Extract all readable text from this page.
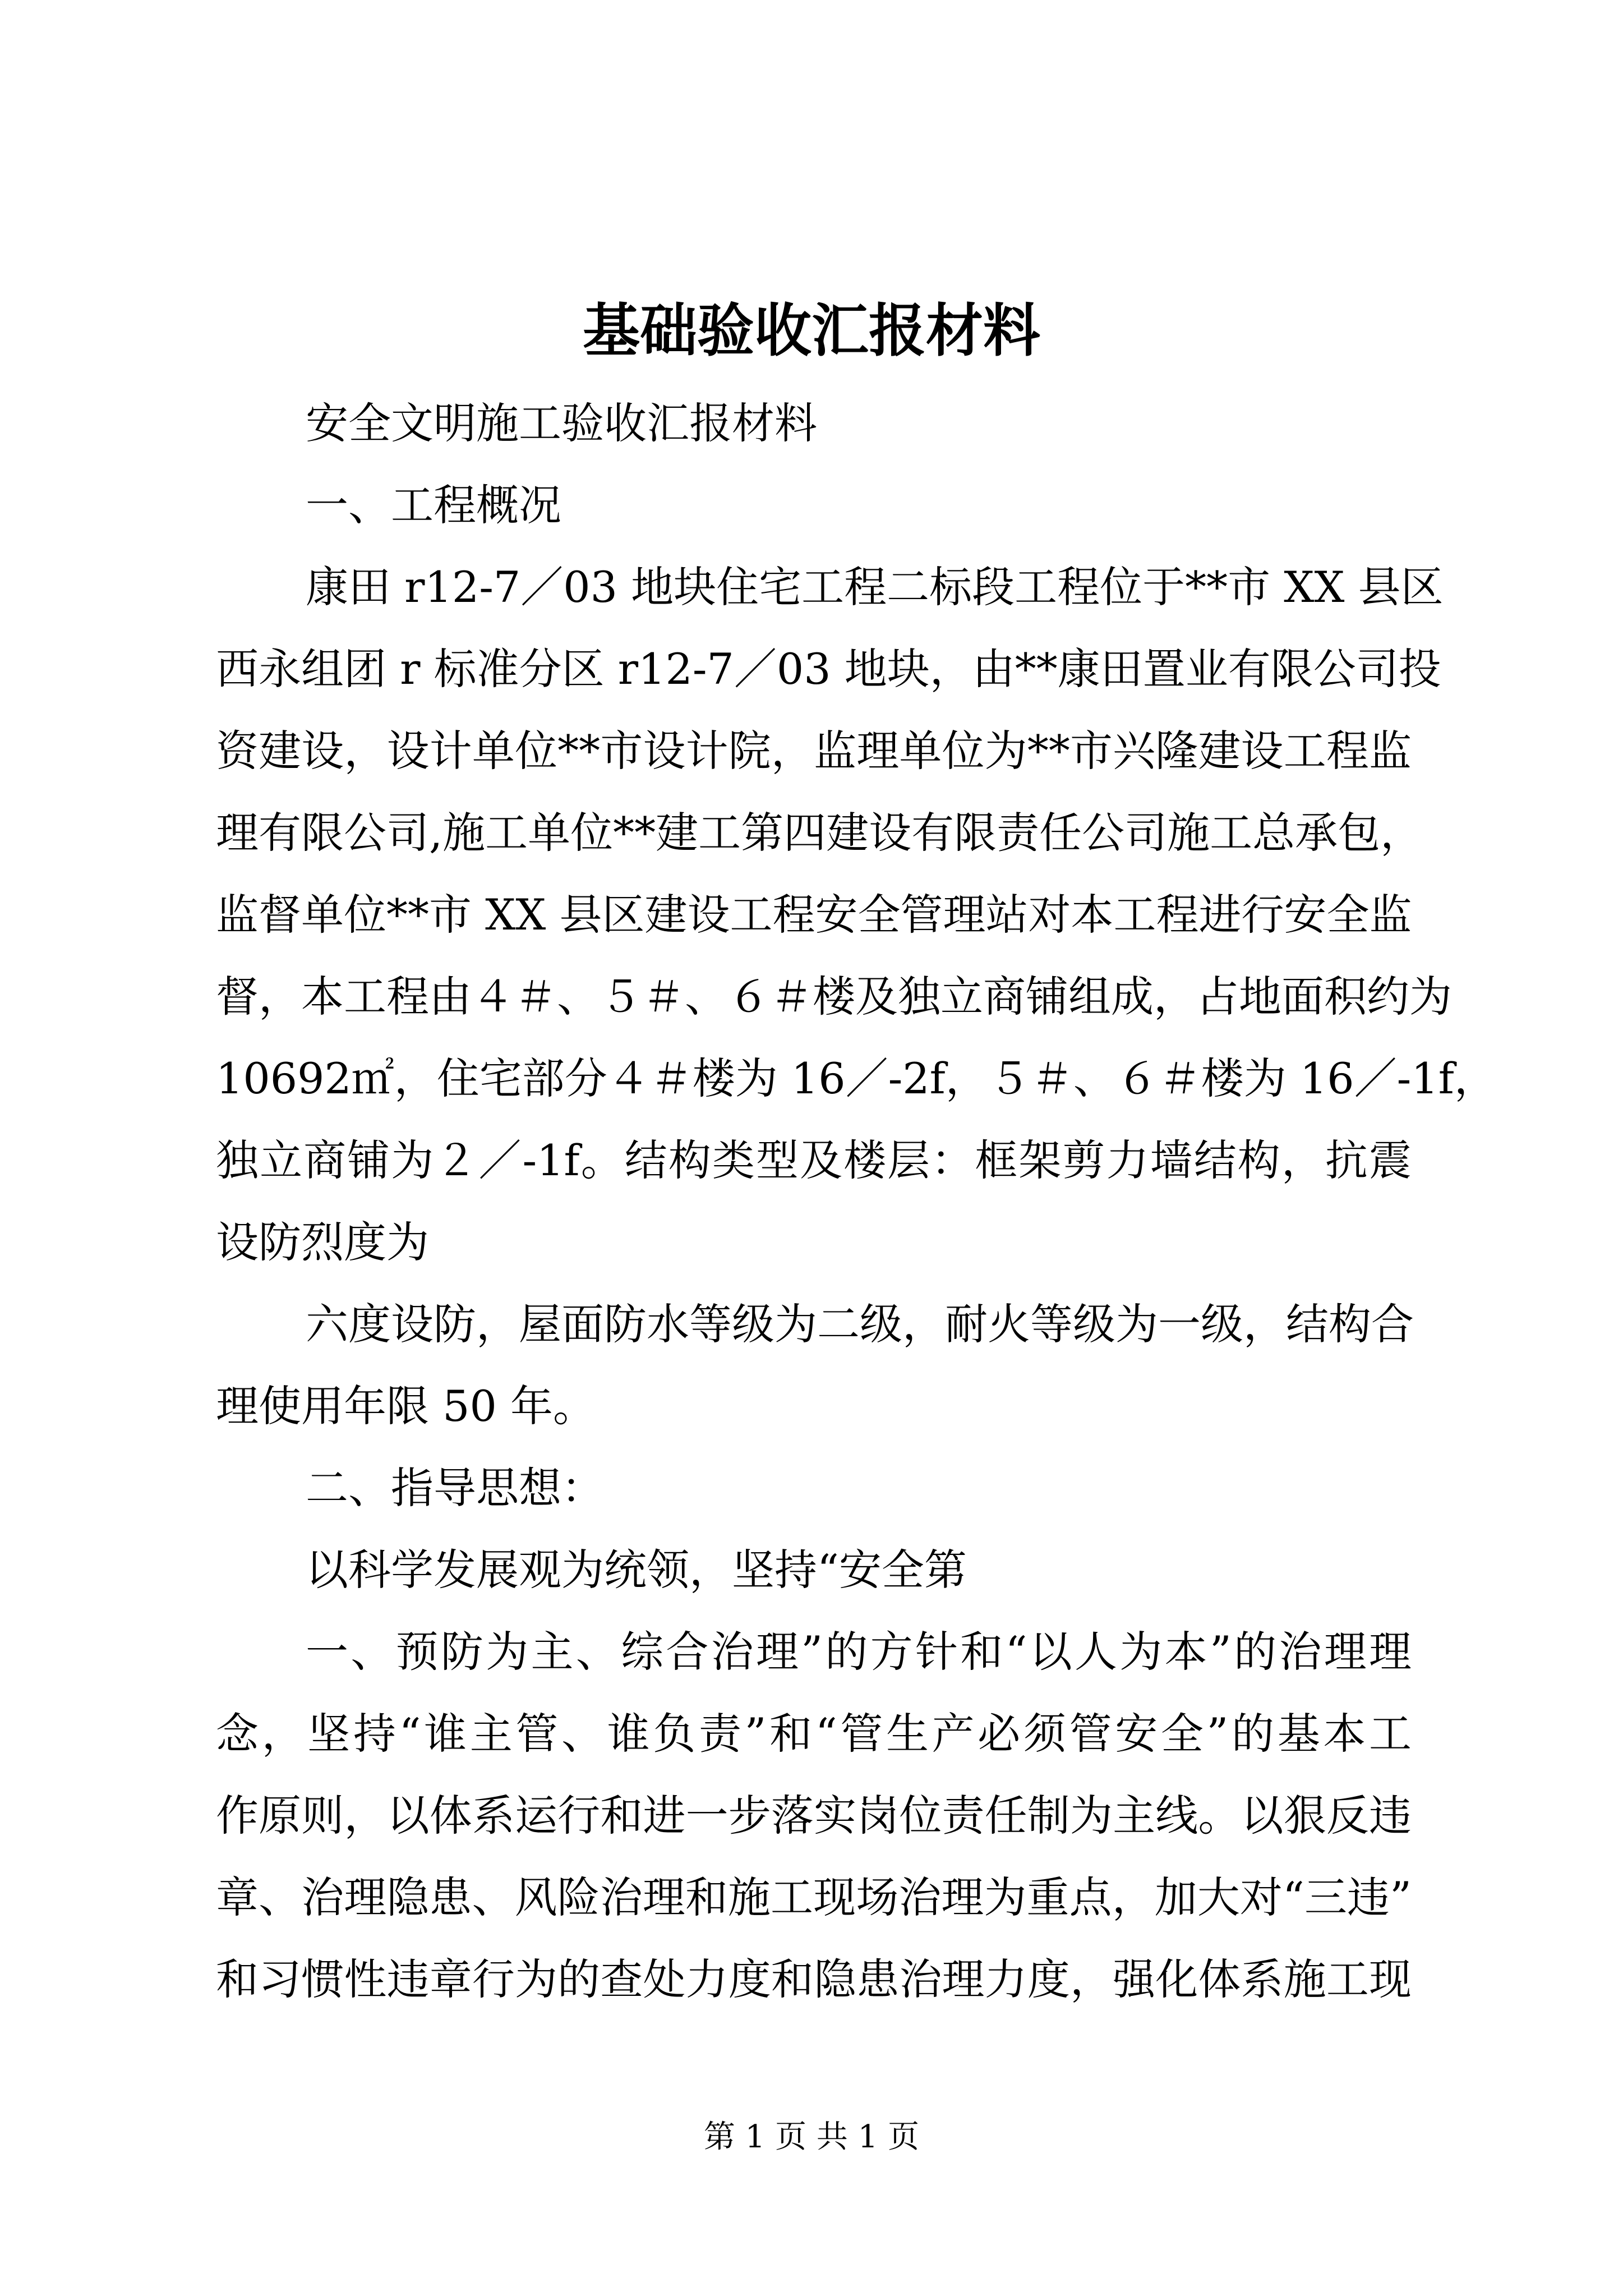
基础验收汇报材料

安全文明施工验收汇报材料

一、工程概况

康田 r12-7／03 地块住宅工程二标段工程位于**市 XX 县区

西永组团 r 标准分区 r12-7／03 地块，由**康田置业有限公司投

资建设，设计单位**市设计院，监理单位为**市兴隆建设工程监

理有限公司,施工单位**建工第四建设有限责任公司施工总承包，

监督单位**市 XX 县区建设工程安全管理站对本工程进行安全监

督，本工程由４＃、５＃、６＃楼及独立商铺组成，占地面积约为

10692㎡，住宅部分４＃楼为 16／-2f，５＃、６＃楼为 16／-1f，

独立商铺为２／-1f。结构类型及楼层：框架剪力墙结构，抗震

设防烈度为

六度设防，屋面防水等级为二级，耐火等级为一级，结构合

理使用年限 50 年。

二、指导思想：

以科学发展观为统领，坚持“安全第

一、预防为主、综合治理”的方针和“以人为本”的治理理

念，坚持“谁主管、谁负责”和“管生产必须管安全”的基本工

作原则，以体系运行和进一步落实岗位责任制为主线。以狠反违

章、治理隐患、风险治理和施工现场治理为重点，加大对“三违”

和习惯性违章行为的查处力度和隐患治理力度，强化体系施工现

第 1 页 共 1 页
